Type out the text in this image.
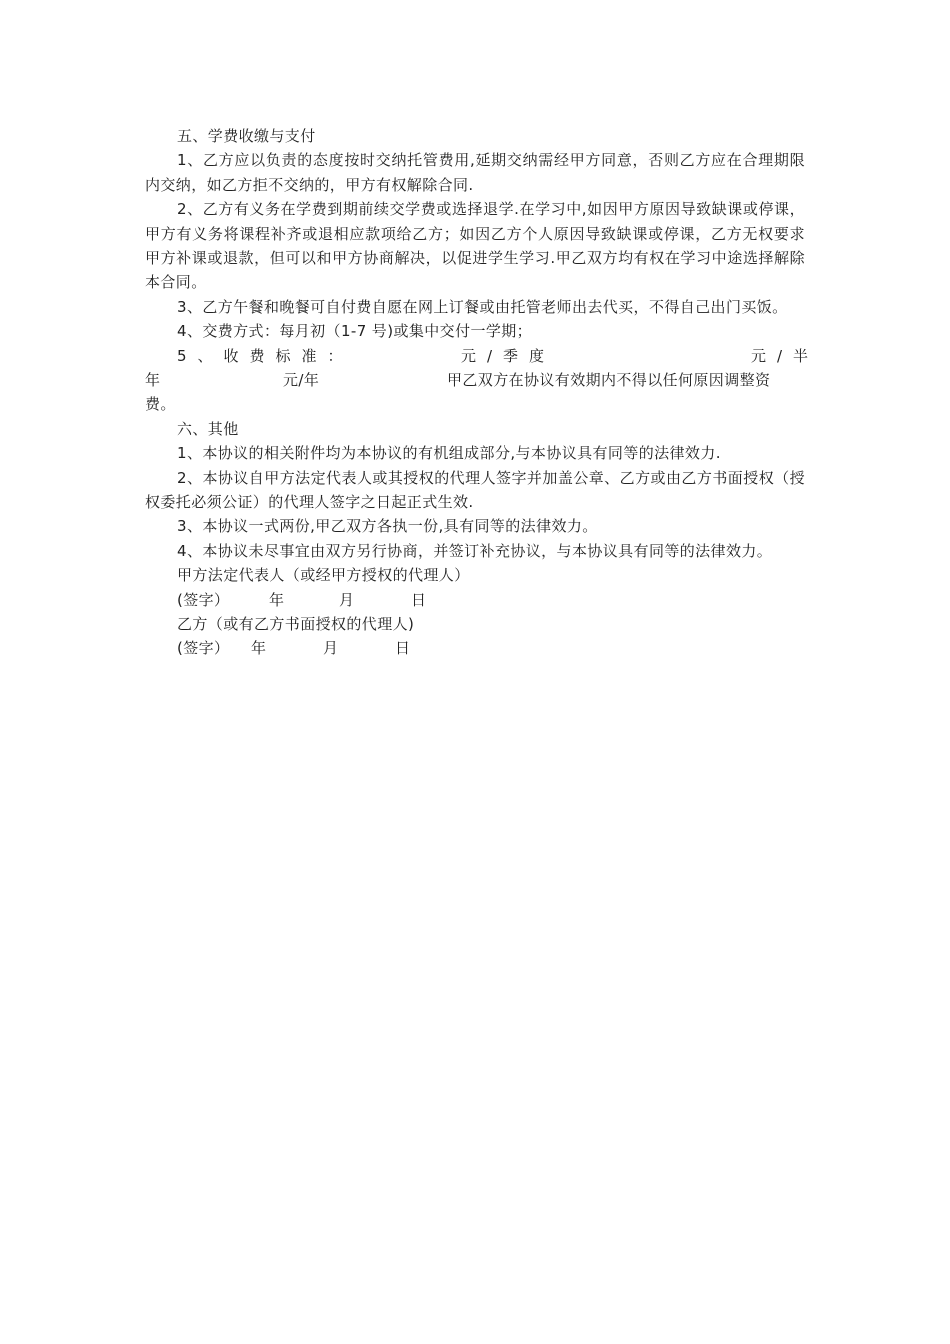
五、学费收缴与支付

1、乙方应以负责的态度按时交纳托管费用,延期交纳需经甲方同意，否则乙方应在合理期限内交纳，如乙方拒不交纳的，甲方有权解除合同.

2、乙方有义务在学费到期前续交学费或选择退学.在学习中,如因甲方原因导致缺课或停课，甲方有义务将课程补齐或退相应款项给乙方；如因乙方个人原因导致缺课或停课，乙方无权要求甲方补课或退款，但可以和甲方协商解决，以促进学生学习.甲乙双方均有权在学习中途选择解除本合同。

3、乙方午餐和晚餐可自付费自愿在网上订餐或由托管老师出去代买，不得自己出门买饭。

4、交费方式：每月初（1-7 号)或集中交付一学期；

5、收费标准：	元/季度	元/半
年	元/年	甲乙双方在协议有效期内不得以任何原因调整资

费。

六、其他

1、本协议的相关附件均为本协议的有机组成部分,与本协议具有同等的法律效力.

2、本协议自甲方法定代表人或其授权的代理人签字并加盖公章、乙方或由乙方书面授权（授权委托必须公证）的代理人签字之日起正式生效.

3、本协议一式两份,甲乙双方各执一份,具有同等的法律效力。

4、本协议未尽事宜由双方另行协商，并签订补充协议，与本协议具有同等的法律效力。

甲方法定代表人（或经甲方授权的代理人）

(签字）	年	月	日

乙方（或有乙方书面授权的代理人)

(签字） 年	月	日
